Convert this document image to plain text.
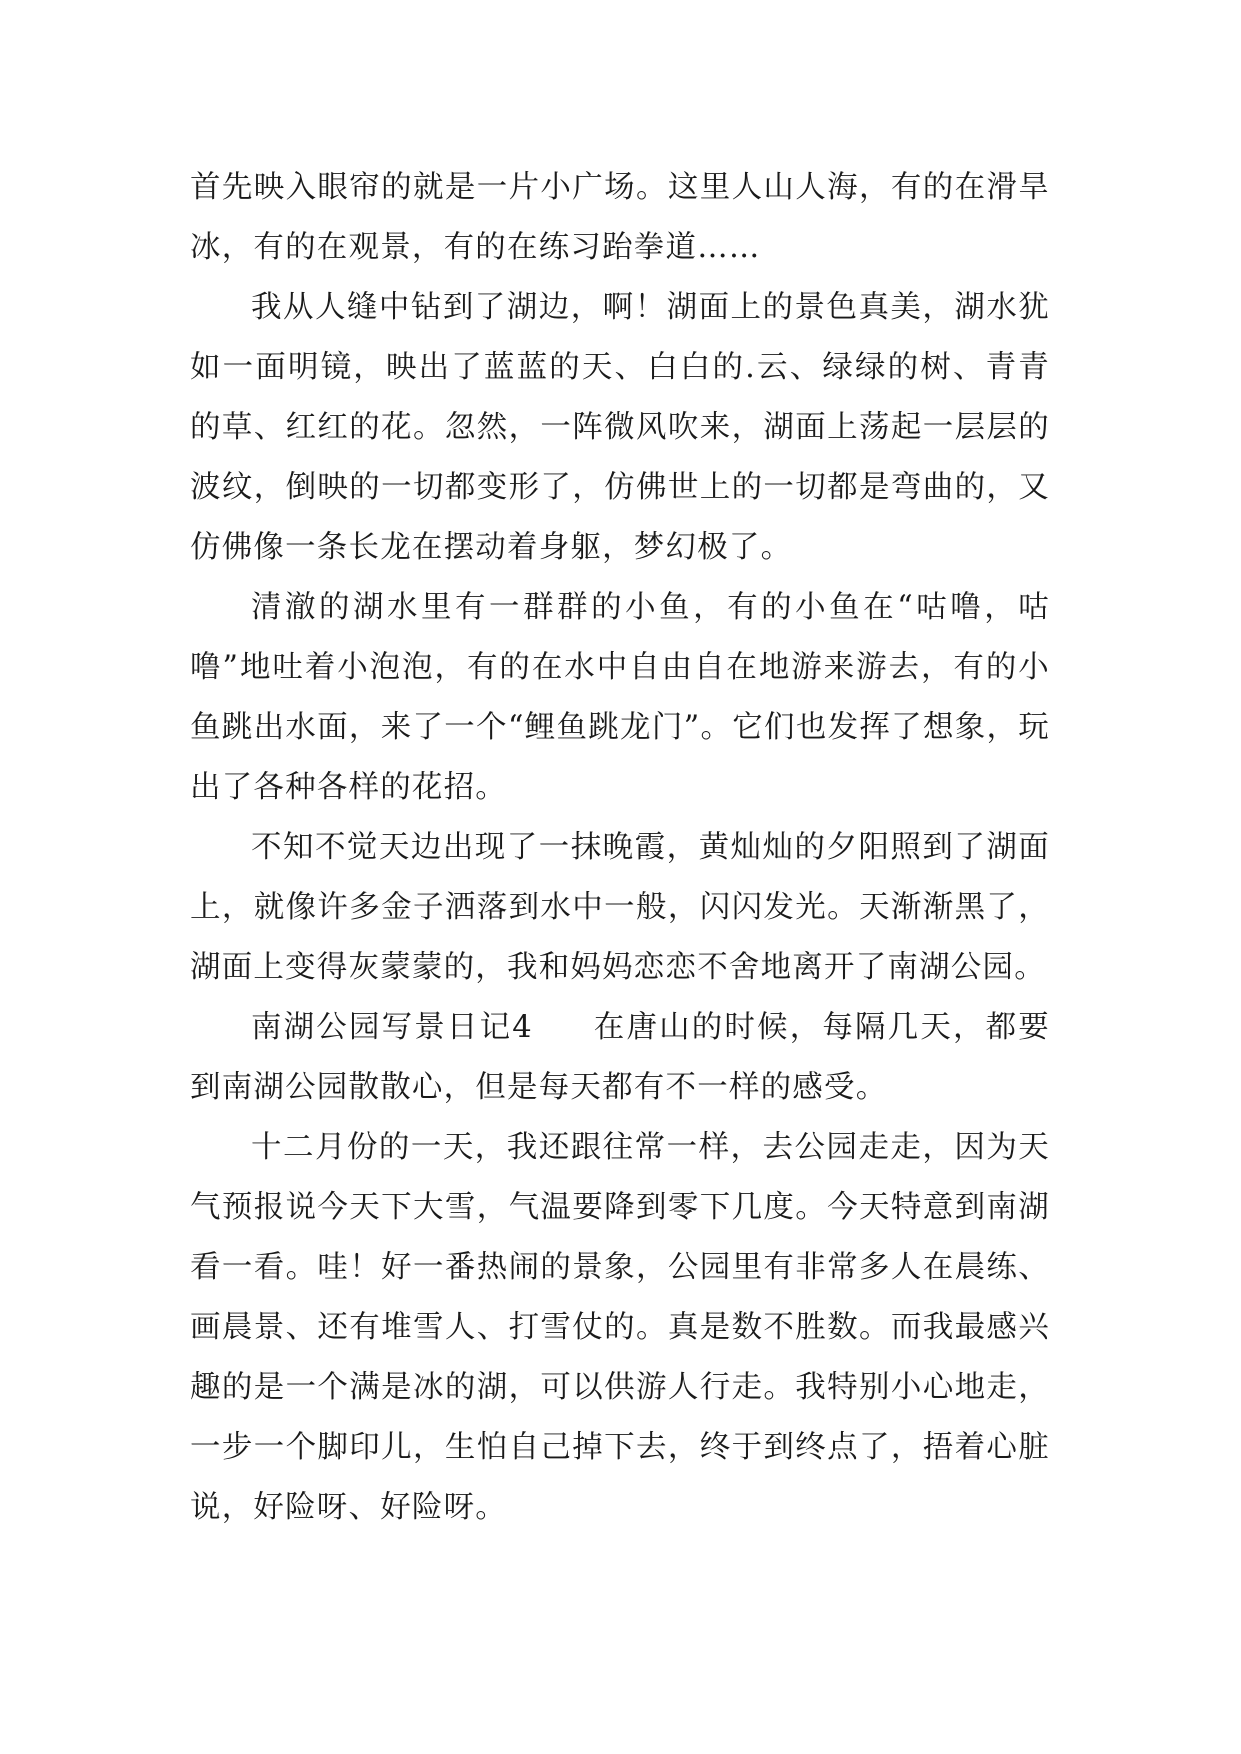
首先映入眼帘的就是一片小广场。这里人山人海，有的在滑旱冰，有的在观景，有的在练习跆拳道……

我从人缝中钻到了湖边，啊！湖面上的景色真美，湖水犹如一面明镜，映出了蓝蓝的天、白白的.云、绿绿的树、青青的草、红红的花。忽然，一阵微风吹来，湖面上荡起一层层的波纹，倒映的一切都变形了，仿佛世上的一切都是弯曲的，又仿佛像一条长龙在摆动着身躯，梦幻极了。

清澈的湖水里有一群群的小鱼，有的小鱼在“咕噜，咕噜”地吐着小泡泡，有的在水中自由自在地游来游去，有的小鱼跳出水面，来了一个“鲤鱼跳龙门”。它们也发挥了想象，玩出了各种各样的花招。

不知不觉天边出现了一抹晚霞，黄灿灿的夕阳照到了湖面上，就像许多金子洒落到水中一般，闪闪发光。天渐渐黑了，湖面上变得灰蒙蒙的，我和妈妈恋恋不舍地离开了南湖公园。

南湖公园写景日记4 在唐山的时候，每隔几天，都要到南湖公园散散心，但是每天都有不一样的感受。

十二月份的一天，我还跟往常一样，去公园走走，因为天气预报说今天下大雪，气温要降到零下几度。今天特意到南湖看一看。哇！好一番热闹的景象，公园里有非常多人在晨练、画晨景、还有堆雪人、打雪仗的。真是数不胜数。而我最感兴趣的是一个满是冰的湖，可以供游人行走。我特别小心地走，一步一个脚印儿，生怕自己掉下去，终于到终点了，捂着心脏说，好险呀、好险呀。
